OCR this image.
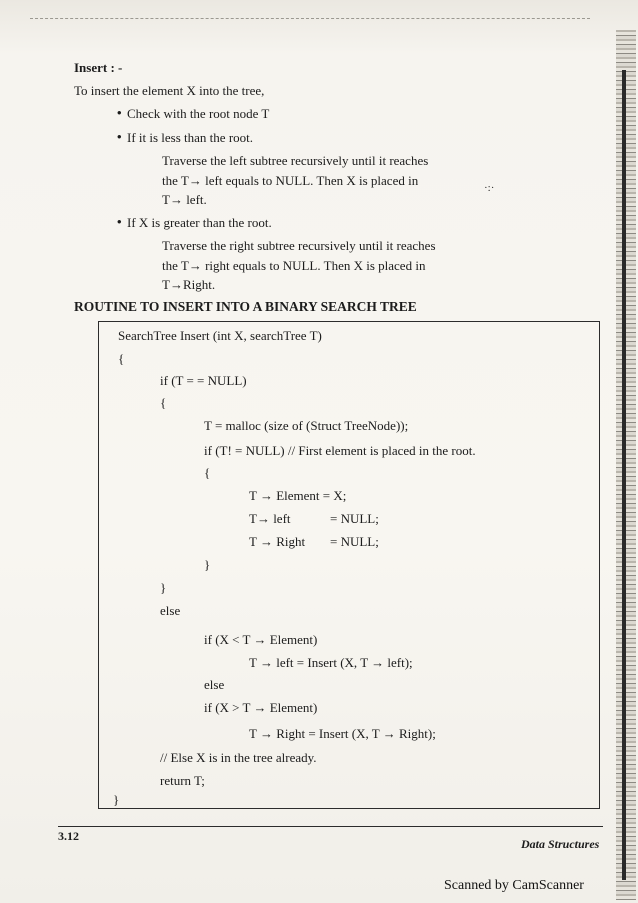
Insert : -
To insert the element X into the tree,
• Check with the root node T
• If it is less than the root.
Traverse the left subtree recursively until it reaches
the T→ left equals to NULL. Then X is placed in
T→ left.
·:·
• If X is greater than the root.
Traverse the right subtree recursively until it reaches
the T→ right equals to NULL. Then X is placed in
T→Right.
ROUTINE TO INSERT INTO A BINARY SEARCH TREE
SearchTree Insert (int X, searchTree T)
{
if (T = = NULL)
{
T = malloc (size of (Struct TreeNode));
if (T! = NULL) // First element is placed in the root.
{
T → Element = X;
T→ left	= NULL;
T → Right = NULL;
}
}
else
if (X < T → Element)
T → left = Insert (X, T → left);
else
if (X > T → Element)
T → Right = Insert (X, T → Right);
// Else X is in the tree already.
return T;
}
3.12
Data Structures
Scanned by CamScanner
